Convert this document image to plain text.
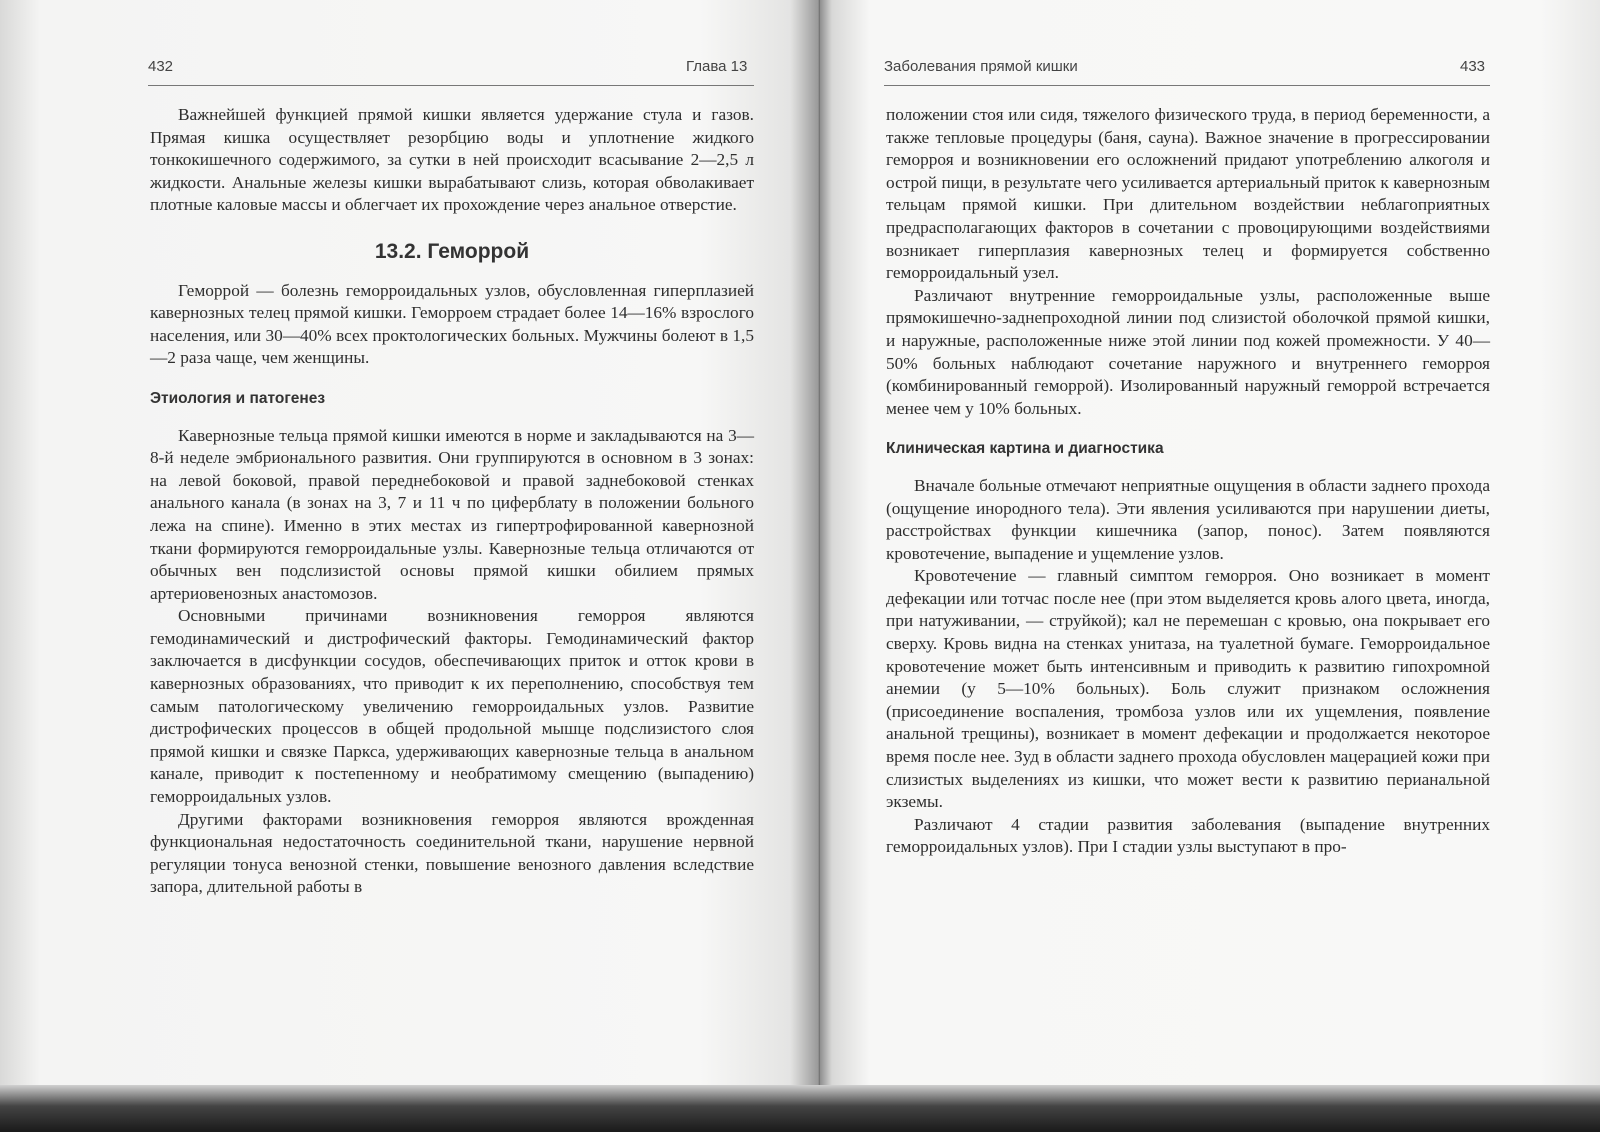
432	Глава 13

Важнейшей функцией прямой кишки является удержание стула и газов. Прямая кишка осуществляет резорбцию воды и уплотнение жидкого тонкокишечного содержимого, за сутки в ней происходит всасывание 2—2,5 л жидкости. Анальные железы кишки вырабатывают слизь, которая обволакивает плотные каловые массы и облегчает их прохождение через анальное отверстие.

13.2. Геморрой

Геморрой — болезнь геморроидальных узлов, обусловленная гиперплазией кавернозных телец прямой кишки. Геморроем страдает более 14—16% взрослого населения, или 30—40% всех проктологических больных. Мужчины болеют в 1,5—2 раза чаще, чем женщины.

Этиология и патогенез

Кавернозные тельца прямой кишки имеются в норме и закладываются на 3—8-й неделе эмбрионального развития. Они группируются в основном в 3 зонах: на левой боковой, правой переднебоковой и правой заднебоковой стенках анального канала (в зонах на 3, 7 и 11 ч по циферблату в положении больного лежа на спине). Именно в этих местах из гипертрофированной кавернозной ткани формируются геморроидальные узлы. Кавернозные тельца отличаются от обычных вен подслизистой основы прямой кишки обилием прямых артериовенозных анастомозов.

Основными причинами возникновения геморроя являются гемодинамический и дистрофический факторы. Гемодинамический фактор заключается в дисфункции сосудов, обеспечивающих приток и отток крови в кавернозных образованиях, что приводит к их переполнению, способствуя тем самым патологическому увеличению геморроидальных узлов. Развитие дистрофических процессов в общей продольной мышце подслизистого слоя прямой кишки и связке Паркса, удерживающих кавернозные тельца в анальном канале, приводит к постепенному и необратимому смещению (выпадению) геморроидальных узлов.

Другими факторами возникновения геморроя являются врожденная функциональная недостаточность соединительной ткани, нарушение нервной регуляции тонуса венозной стенки, повышение венозного давления вследствие запора, длительной работы в

Заболевания прямой кишки	433

положении стоя или сидя, тяжелого физического труда, в период беременности, а также тепловые процедуры (баня, сауна). Важное значение в прогрессировании геморроя и возникновении его осложнений придают употреблению алкоголя и острой пищи, в результате чего усиливается артериальный приток к кавернозным тельцам прямой кишки. При длительном воздействии неблагоприятных предрасполагающих факторов в сочетании с провоцирующими воздействиями возникает гиперплазия кавернозных телец и формируется собственно геморроидальный узел.

Различают внутренние геморроидальные узлы, расположенные выше прямокишечно-заднепроходной линии под слизистой оболочкой прямой кишки, и наружные, расположенные ниже этой линии под кожей промежности. У 40—50% больных наблюдают сочетание наружного и внутреннего геморроя (комбинированный геморрой). Изолированный наружный геморрой встречается менее чем у 10% больных.

Клиническая картина и диагностика

Вначале больные отмечают неприятные ощущения в области заднего прохода (ощущение инородного тела). Эти явления усиливаются при нарушении диеты, расстройствах функции кишечника (запор, понос). Затем появляются кровотечение, выпадение и ущемление узлов.

Кровотечение — главный симптом геморроя. Оно возникает в момент дефекации или тотчас после нее (при этом выделяется кровь алого цвета, иногда, при натуживании, — струйкой); кал не перемешан с кровью, она покрывает его сверху. Кровь видна на стенках унитаза, на туалетной бумаге. Геморроидальное кровотечение может быть интенсивным и приводить к развитию гипохромной анемии (у 5—10% больных). Боль служит признаком осложнения (присоединение воспаления, тромбоза узлов или их ущемления, появление анальной трещины), возникает в момент дефекации и продолжается некоторое время после нее. Зуд в области заднего прохода обусловлен мацерацией кожи при слизистых выделениях из кишки, что может вести к развитию перианальной экземы.

Различают 4 стадии развития заболевания (выпадение внутренних геморроидальных узлов). При I стадии узлы выступают в про-
